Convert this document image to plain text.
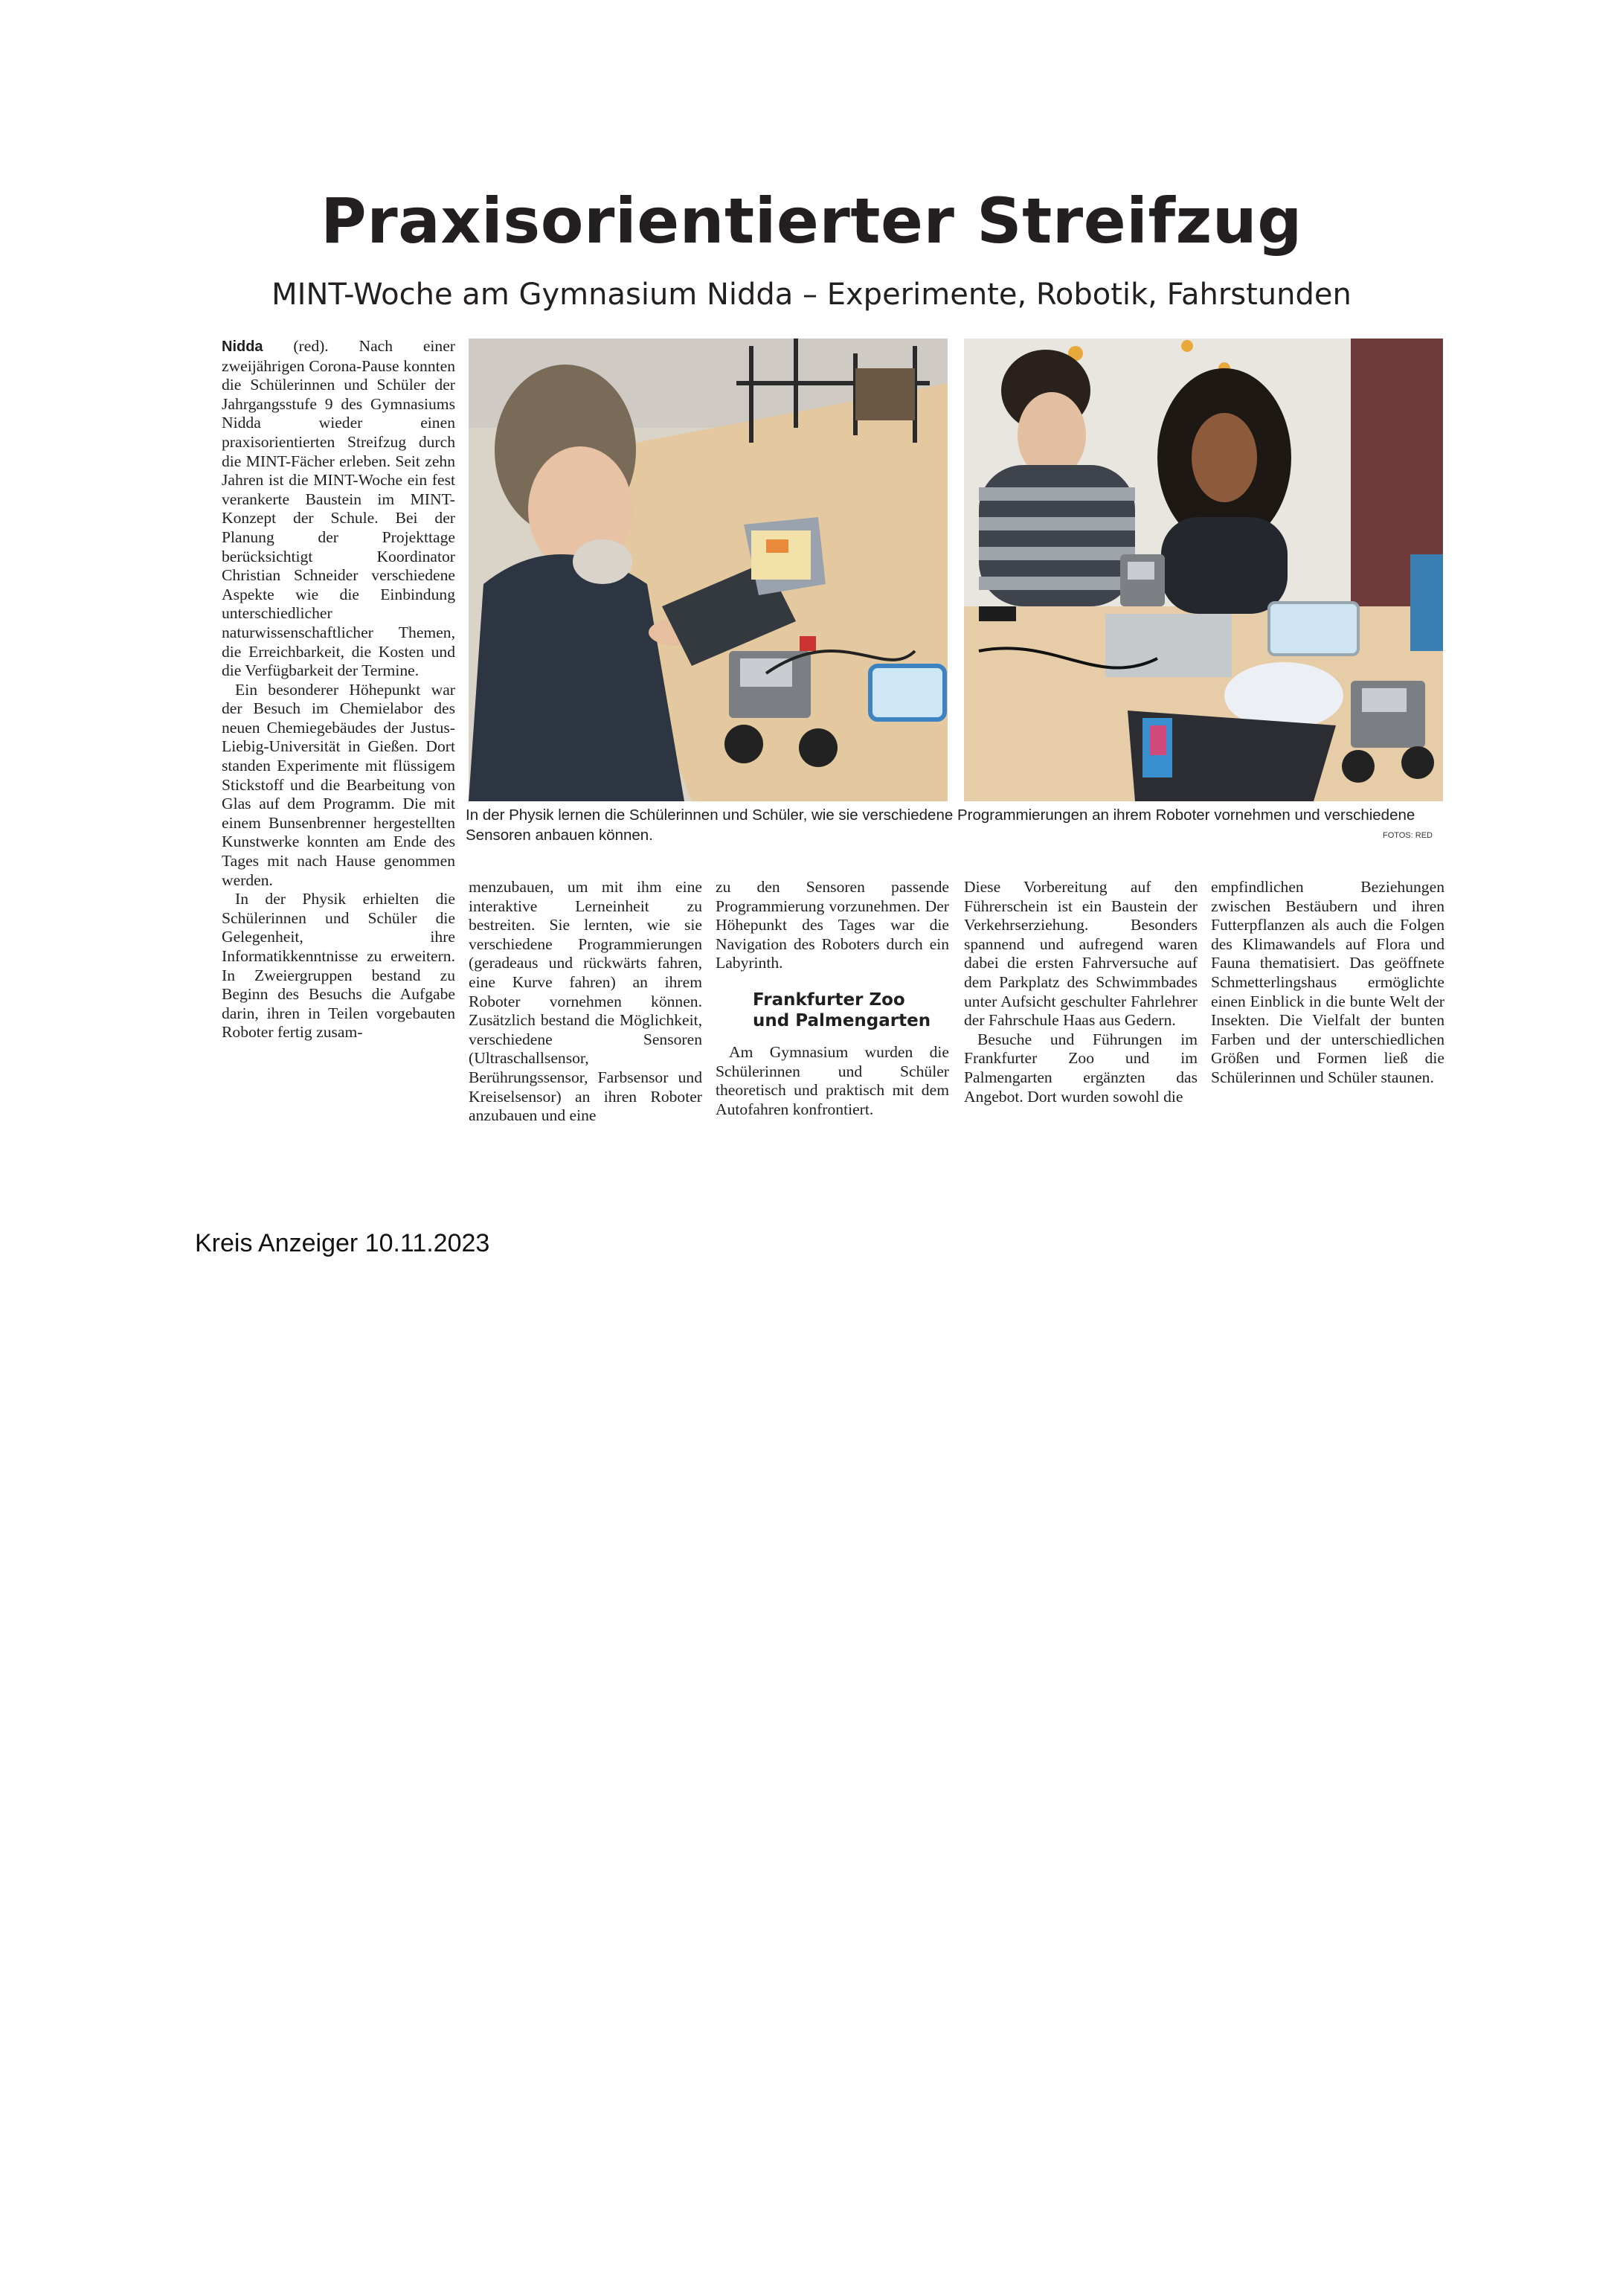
Praxisorientierter Streifzug
MINT-Woche am Gymnasium Nidda – Experimente, Robotik, Fahrstunden

Nidda (red). Nach einer zweijährigen Corona-Pause konnten die Schülerinnen und Schüler der Jahrgangsstufe 9 des Gymnasiums Nidda wieder einen praxisorientierten Streifzug durch die MINT-Fächer erleben. Seit zehn Jahren ist die MINT-Woche ein fest verankerte Baustein im MINT-Konzept der Schule. Bei der Planung der Projekttage berücksichtigt Koordinator Christian Schneider verschiedene Aspekte wie die Einbindung unterschiedlicher naturwissenschaftlicher Themen, die Erreichbarkeit, die Kosten und die Verfügbarkeit der Termine.

Ein besonderer Höhepunkt war der Besuch im Chemielabor des neuen Chemiegebäudes der Justus-Liebig-Universität in Gießen. Dort standen Experimente mit flüssigem Stickstoff und die Bearbeitung von Glas auf dem Programm. Die mit einem Bunsenbrenner hergestellten Kunstwerke konnten am Ende des Tages mit nach Hause genommen werden.

In der Physik erhielten die Schülerinnen und Schüler die Gelegenheit, ihre Informatikkenntnisse zu erweitern. In Zweiergruppen bestand zu Beginn des Besuchs die Aufgabe darin, ihren in Teilen vorgebauten Roboter fertig zusam-

In der Physik lernen die Schülerinnen und Schüler, wie sie verschiedene Programmierungen an ihrem Roboter vornehmen und verschiedene Sensoren anbauen können.	FOTOS: RED

menzubauen, um mit ihm eine interaktive Lerneinheit zu bestreiten. Sie lernten, wie sie verschiedene Programmierungen (geradeaus und rückwärts fahren, eine Kurve fahren) an ihrem Roboter vornehmen können. Zusätzlich bestand die Möglichkeit, verschiedene Sensoren (Ultraschallsensor, Berührungssensor, Farbsensor und Kreiselsensor) an ihren Roboter anzubauen und eine

zu den Sensoren passende Programmierung vorzunehmen. Der Höhepunkt des Tages war die Navigation des Roboters durch ein Labyrinth.

Frankfurter Zoo
und Palmengarten

Am Gymnasium wurden die Schülerinnen und Schüler theoretisch und praktisch mit dem Autofahren konfrontiert.

Diese Vorbereitung auf den Führerschein ist ein Baustein der Verkehrserziehung. Besonders spannend und aufregend waren dabei die ersten Fahrversuche auf dem Parkplatz des Schwimmbades unter Aufsicht geschulter Fahrlehrer der Fahrschule Haas aus Gedern.

Besuche und Führungen im Frankfurter Zoo und im Palmengarten ergänzten das Angebot. Dort wurden sowohl die

empfindlichen Beziehungen zwischen Bestäubern und ihren Futterpflanzen als auch die Folgen des Klimawandels auf Flora und Fauna thematisiert. Das geöffnete Schmetterlingshaus ermöglichte einen Einblick in die bunte Welt der Insekten. Die Vielfalt der bunten Farben und der unterschiedlichen Größen und Formen ließ die Schülerinnen und Schüler staunen.

Kreis Anzeiger 10.11.2023
